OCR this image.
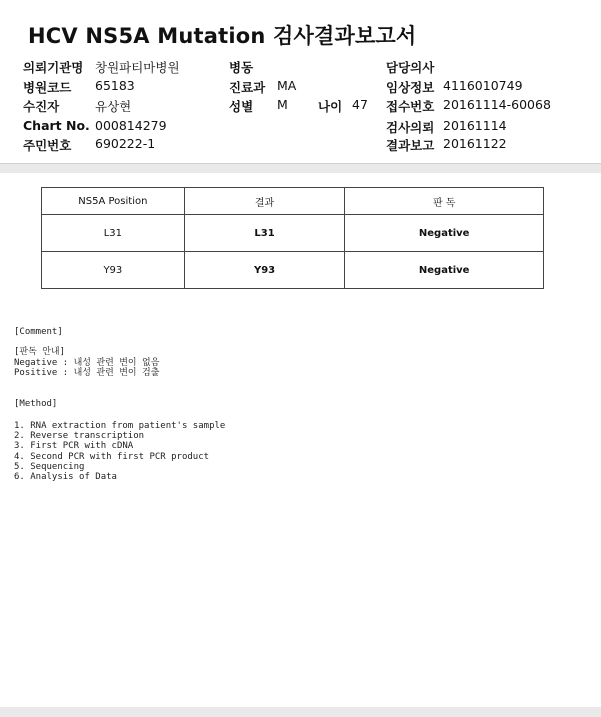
HCV NS5A Mutation 검사결과보고서
의뢰기관명 창원파티마병원
병원코드 65183
수진자	유상현
Chart No. 000814279
주민번호 690222-1
병동
진료과 MA
성별 M 나이 47
담당의사
임상정보 4116010749
접수번호 20161114-60068
검사의뢰 20161114
결과보고 20161122
NS5A Position	결과	판 독
L31	L31	Negative
Y93	Y93	Negative
[Comment]
[판독 안내]
Negative : 내성 관련 변이 없음
Positive : 내성 관련 변이 검출
[Method]
1. RNA extraction from patient's sample
2. Reverse transcription
3. First PCR with cDNA
4. Second PCR with first PCR product
5. Sequencing
6. Analysis of Data
